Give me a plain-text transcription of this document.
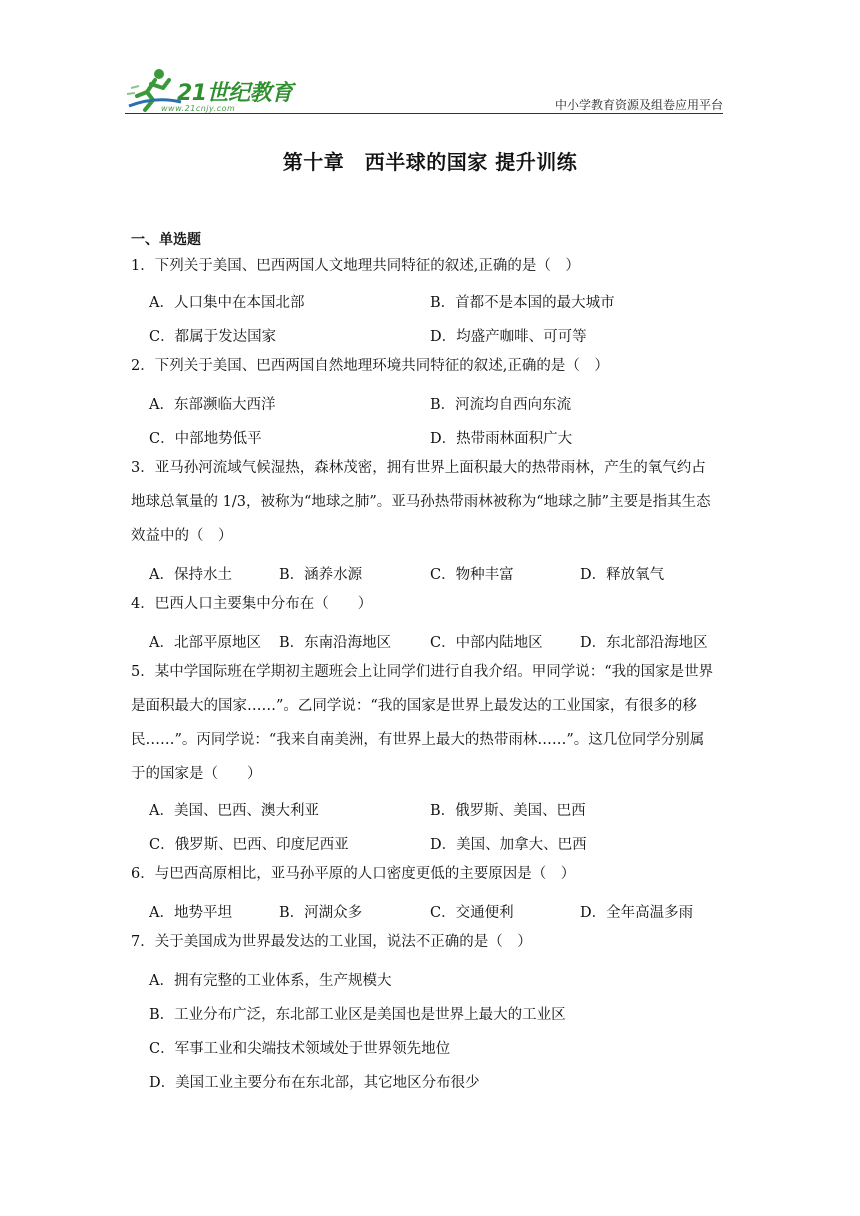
21世纪教育
www.21cnjy.com	中小学教育资源及组卷应用平台
第十章　西半球的国家 提升训练
一、单选题
1．下列关于美国、巴西两国人文地理共同特征的叙述,正确的是（　）
A．人口集中在本国北部	B．首都不是本国的最大城市
C．都属于发达国家	D．均盛产咖啡、可可等
2．下列关于美国、巴西两国自然地理环境共同特征的叙述,正确的是（　）
A．东部濒临大西洋	B．河流均自西向东流
C．中部地势低平	D．热带雨林面积广大
3．亚马孙河流域气候湿热，森林茂密，拥有世界上面积最大的热带雨林，产生的氧气约占
地球总氧量的 1/3，被称为“地球之肺”。亚马孙热带雨林被称为“地球之肺”主要是指其生态
效益中的（　）
A．保持水土	B．涵养水源	C．物种丰富	D．释放氧气
4．巴西人口主要集中分布在（　　）
A．北部平原地区 B．东南沿海地区	C．中部内陆地区	D．东北部沿海地区
5．某中学国际班在学期初主题班会上让同学们进行自我介绍。甲同学说：“我的国家是世界
是面积最大的国家……”。乙同学说：“我的国家是世界上最发达的工业国家，有很多的移
民……”。丙同学说：“我来自南美洲，有世界上最大的热带雨林……”。这几位同学分别属
于的国家是（　　）
A．美国、巴西、澳大利亚	B．俄罗斯、美国、巴西
C．俄罗斯、巴西、印度尼西亚	D．美国、加拿大、巴西
6．与巴西高原相比，亚马孙平原的人口密度更低的主要原因是（　）
A．地势平坦	B．河湖众多	C．交通便利	D．全年高温多雨
7．关于美国成为世界最发达的工业国，说法不正确的是（　）
A．拥有完整的工业体系，生产规模大
B．工业分布广泛，东北部工业区是美国也是世界上最大的工业区
C．军事工业和尖端技术领域处于世界领先地位
D．美国工业主要分布在东北部，其它地区分布很少
